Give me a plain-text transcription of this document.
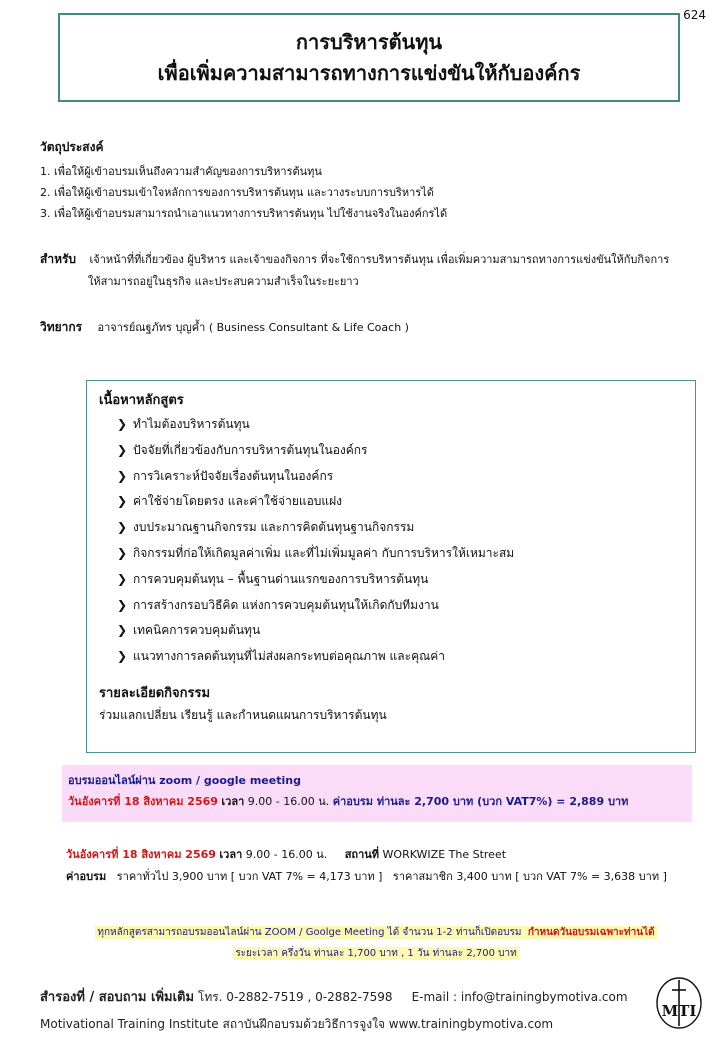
624
การบริหารต้นทุน
เพื่อเพิ่มความสามารถทางการแข่งขันให้กับองค์กร
วัตถุประสงค์
1. เพื่อให้ผู้เข้าอบรมเห็นถึงความสำคัญของการบริหารต้นทุน
2. เพื่อให้ผู้เข้าอบรมเข้าใจหลักการของการบริหารต้นทุน และวางระบบการบริหารได้
3. เพื่อให้ผู้เข้าอบรมสามารถนำเอาแนวทางการบริหารต้นทุน ไปใช้งานจริงในองค์กรได้
สำหรับ เจ้าหน้าที่ที่เกี่ยวข้อง ผู้บริหาร และเจ้าของกิจการ ที่จะใช้การบริหารต้นทุน เพื่อเพิ่มความสามารถทางการแข่งขันให้กับกิจการ
ให้สามารถอยู่ในธุรกิจ และประสบความสำเร็จในระยะยาว
วิทยากร อาจารย์ณฐภัทร บุญค้ำ ( Business Consultant & Life Coach )
เนื้อหาหลักสูตร
❯ ทำไมต้องบริหารต้นทุน
❯ ปัจจัยที่เกี่ยวข้องกับการบริหารต้นทุนในองค์กร
❯ การวิเคราะห์ปัจจัยเรื่องต้นทุนในองค์กร
❯ ค่าใช้จ่ายโดยตรง และค่าใช้จ่ายแอบแฝง
❯ งบประมาณฐานกิจกรรม และการคิดต้นทุนฐานกิจกรรม
❯ กิจกรรมที่ก่อให้เกิดมูลค่าเพิ่ม และที่ไม่เพิ่มมูลค่า กับการบริหารให้เหมาะสม
❯ การควบคุมต้นทุน – พื้นฐานด่านแรกของการบริหารต้นทุน
❯ การสร้างกรอบวิธีคิด แห่งการควบคุมต้นทุนให้เกิดกับทีมงาน
❯ เทคนิคการควบคุมต้นทุน
❯ แนวทางการลดต้นทุนที่ไม่ส่งผลกระทบต่อคุณภาพ และคุณค่า
รายละเอียดกิจกรรม
ร่วมแลกเปลี่ยน เรียนรู้ และกำหนดแผนการบริหารต้นทุน
อบรมออนไลน์ผ่าน zoom / google meeting
วันอังคารที่ 18 สิงหาคม 2569 เวลา 9.00 - 16.00 น. ค่าอบรม ท่านละ 2,700 บาท (บวก VAT7%) = 2,889 บาท
วันอังคารที่ 18 สิงหาคม 2569 เวลา 9.00 - 16.00 น. สถานที่ WORKWIZE The Street
ค่าอบรม ราคาทั่วไป 3,900 บาท [ บวก VAT 7% = 4,173 บาท ] ราคาสมาชิก 3,400 บาท [ บวก VAT 7% = 3,638 บาท ]
ทุกหลักสูตรสามารถอบรมออนไลน์ผ่าน ZOOM / Goolge Meeting ได้ จำนวน 1-2 ท่านก็เปิดอบรม กำหนดวันอบรมเฉพาะท่านได้
ระยะเวลา ครึ่งวัน ท่านละ 1,700 บาท , 1 วัน ท่านละ 2,700 บาท
สำรองที่ / สอบถาม เพิ่มเติม โทร. 0-2882-7519 , 0-2882-7598 E-mail : info@trainingbymotiva.com
Motivational Training Institute สถาบันฝึกอบรมด้วยวิธีการจูงใจ www.trainingbymotiva.com
MTI
